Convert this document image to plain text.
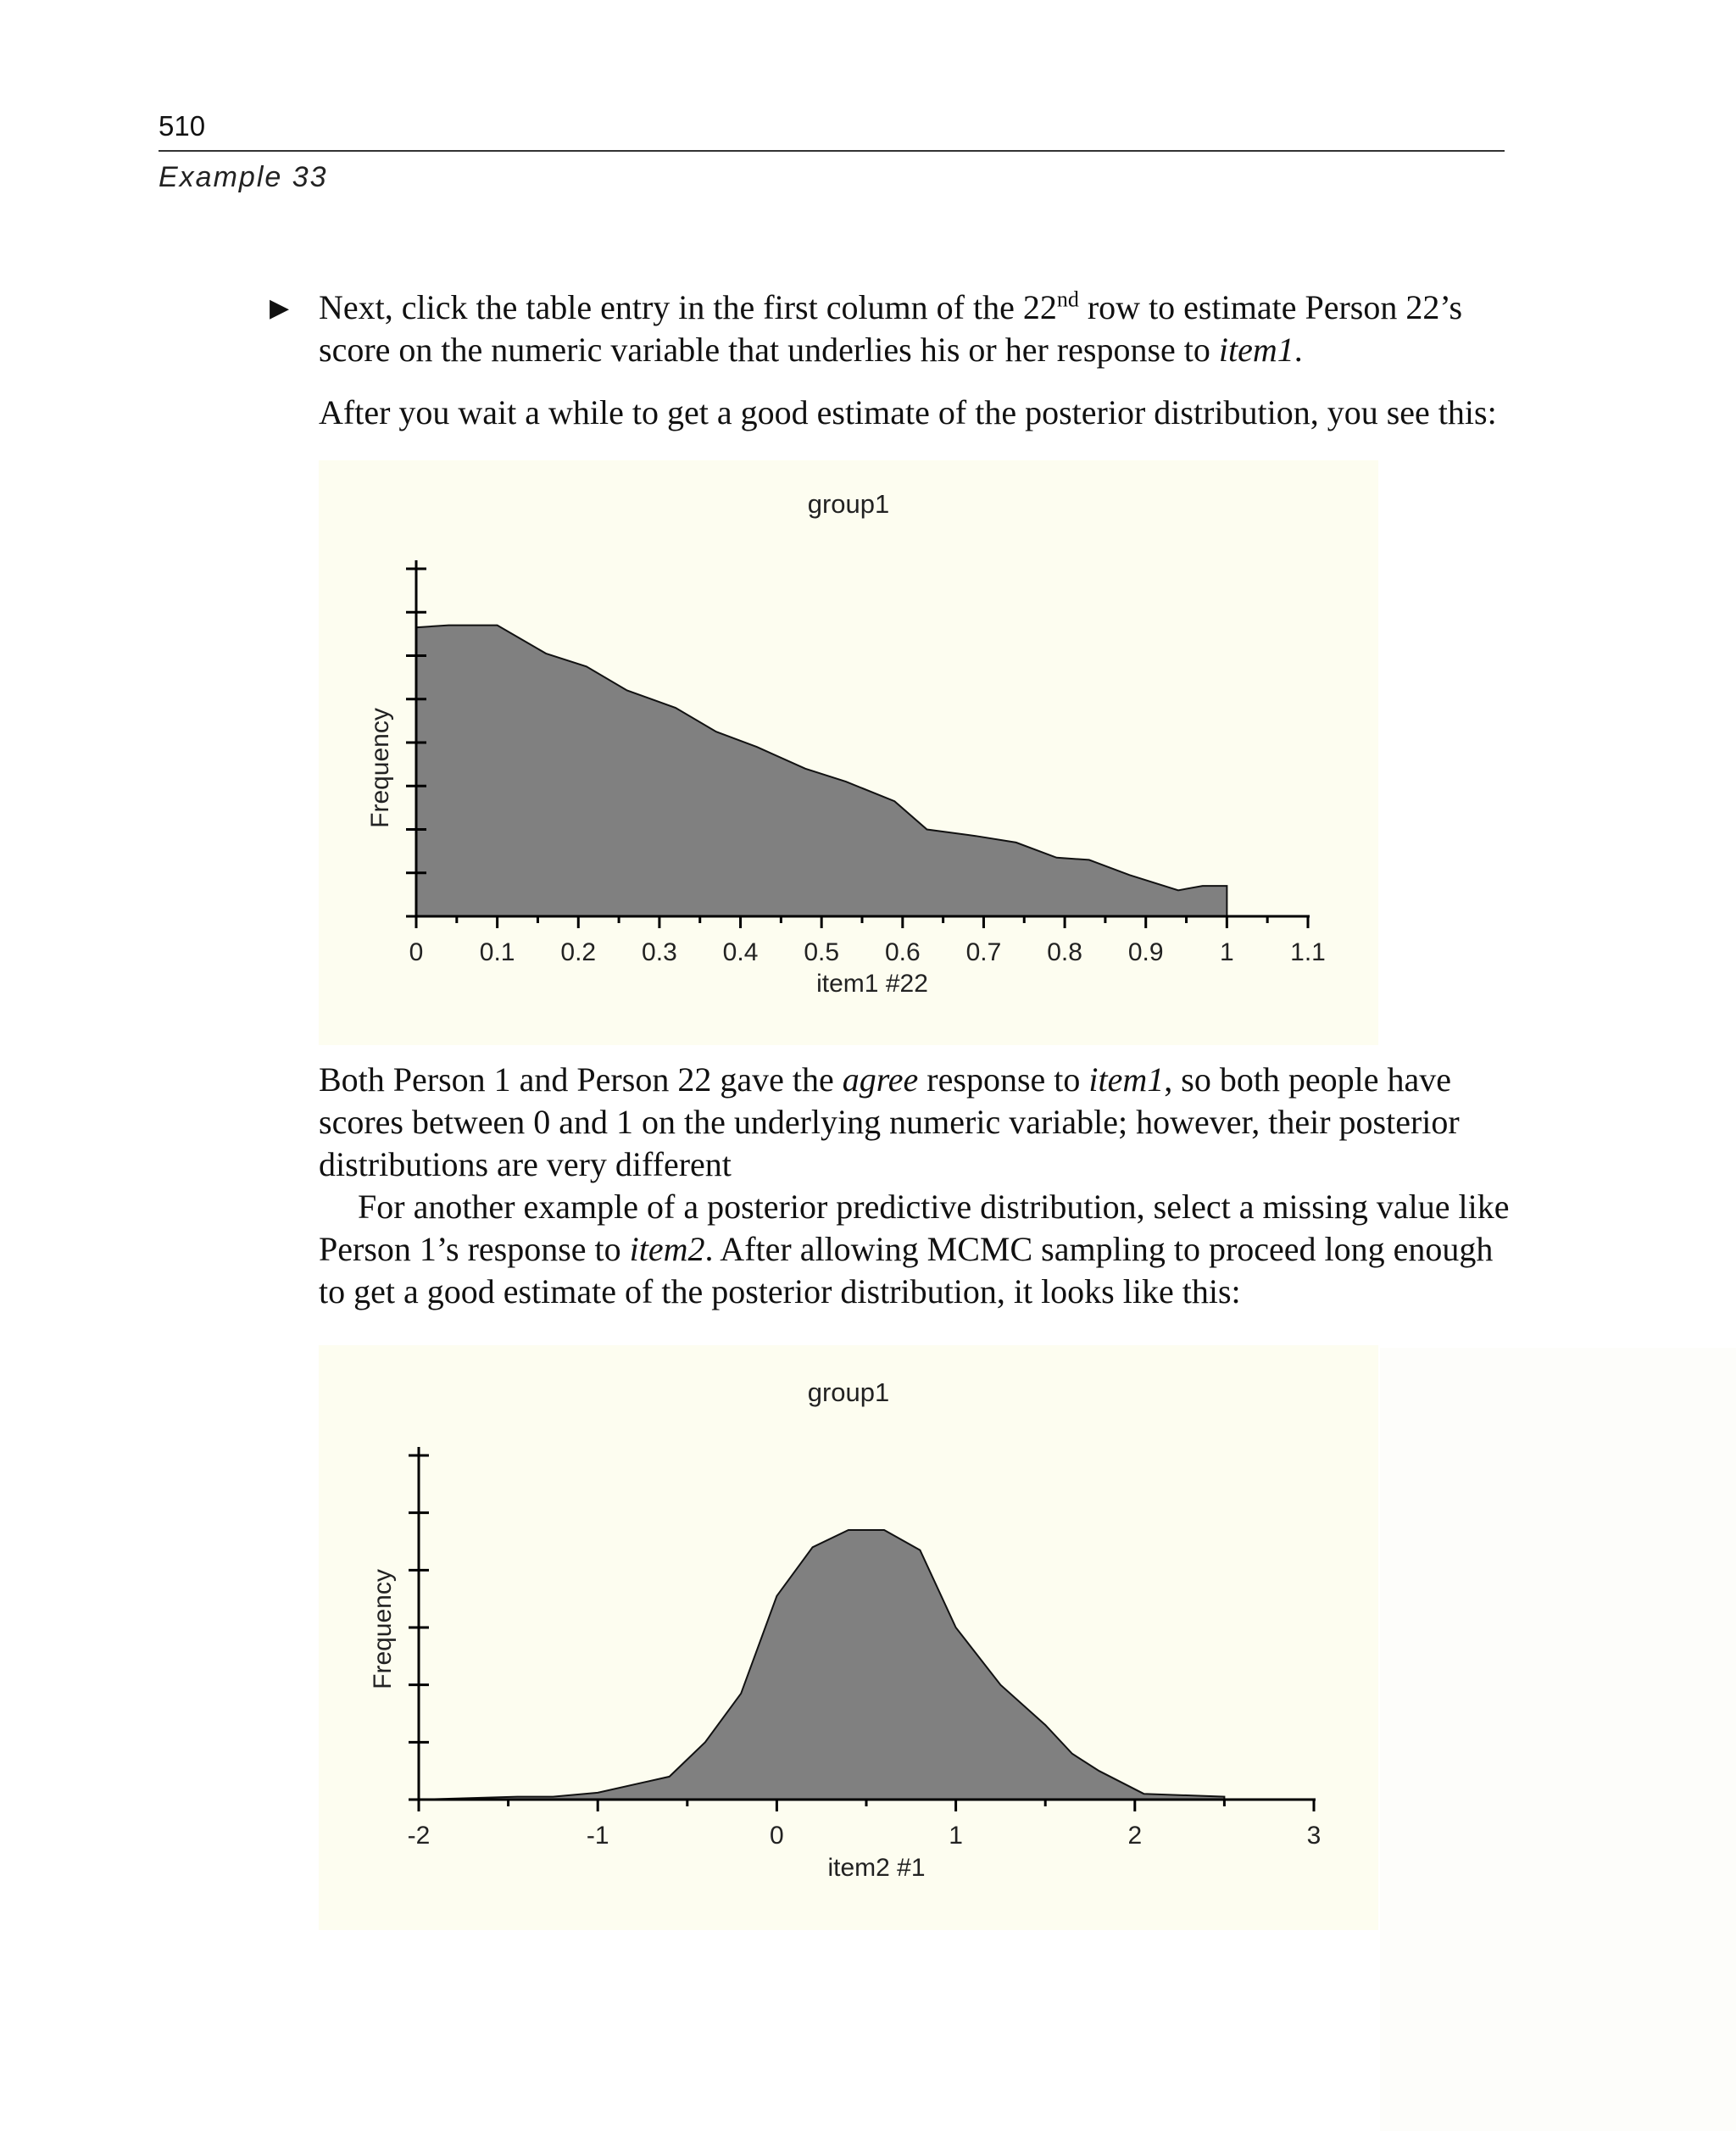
510
Example 33
▶ Next, click the table entry in the first column of the 22nd row to estimate Person 22’s score on the numeric variable that underlies his or her response to item1.

After you wait a while to get a good estimate of the posterior distribution, you see this:

0 0.1 0.2 0.3 0.4 0.5 0.6 0.7 0.8 0.9 1 1.1
group1
item1 #22
Frequency

Both Person 1 and Person 22 gave the agree response to item1, so both people have scores between 0 and 1 on the underlying numeric variable; however, their posterior distributions are very different

For another example of a posterior predictive distribution, select a missing value like Person 1’s response to item2. After allowing MCMC sampling to proceed long enough to get a good estimate of the posterior distribution, it looks like this:

-2	-1	0	1	2	3
group1
item2 #1
Frequency
